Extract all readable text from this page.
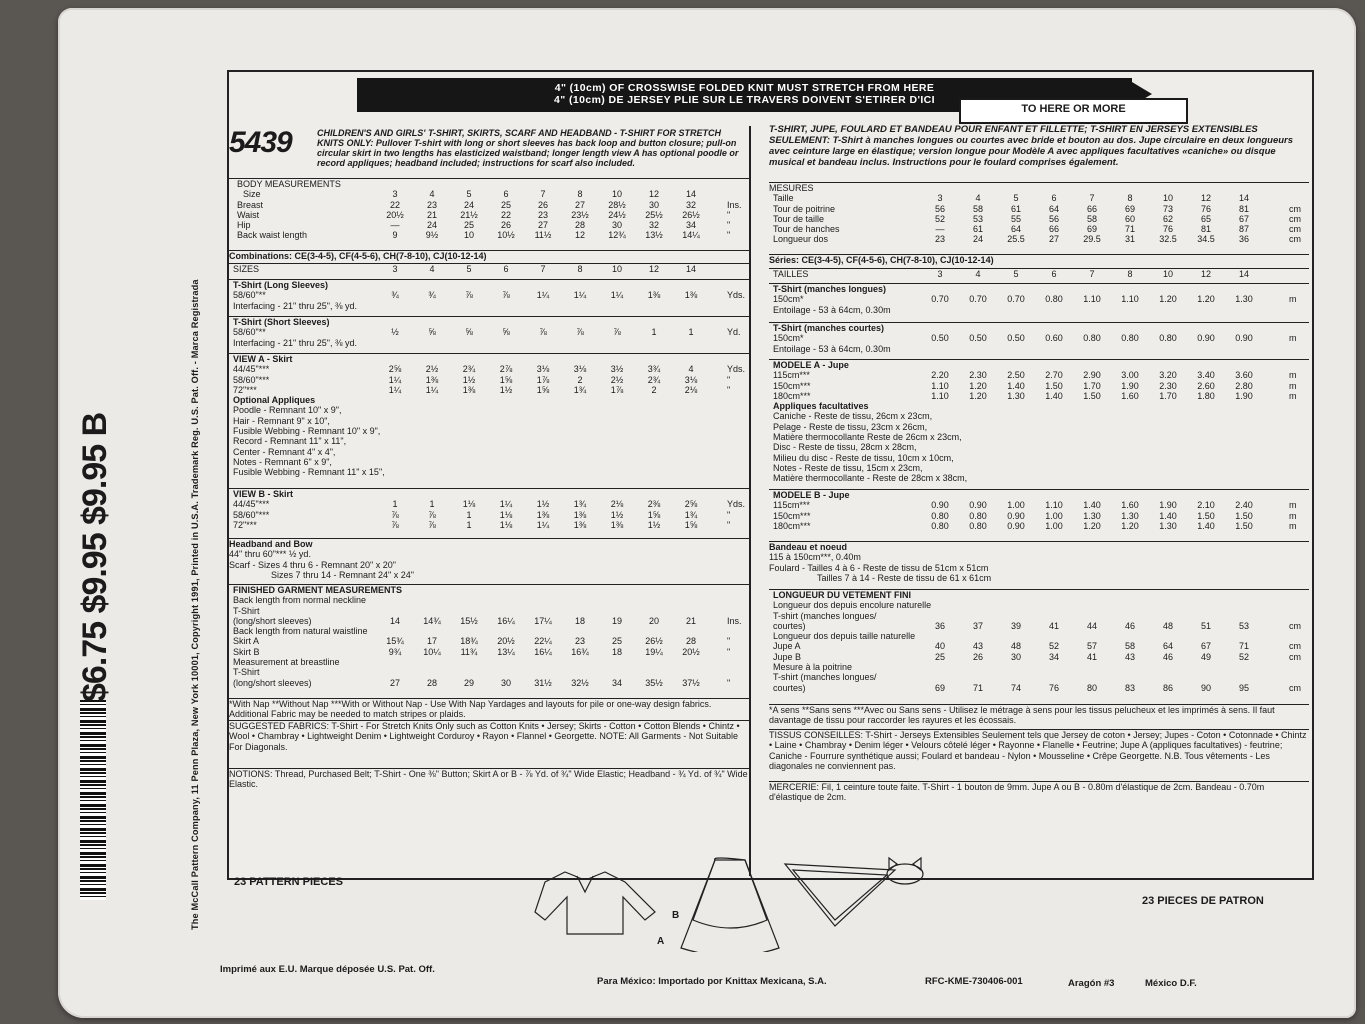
$6.75 $9.95 $9.95 B	The McCall Pattern Company, 11 Penn Plaza, New York 10001, Copyright 1991, Printed in U.S.A. Trademark Reg. U.S. Pat. Off. - Marca Registrada
4" (10cm) OF CROSSWISE FOLDED KNIT MUST STRETCH FROM HERE
4" (10cm) DE JERSEY PLIE SUR LE TRAVERS DOIVENT S'ETIRER D'ICI
TO HERE OR MORE
5439	CHILDREN'S AND GIRLS' T-SHIRT, SKIRTS, SCARF AND HEADBAND - T-SHIRT FOR STRETCH KNITS ONLY: Pullover T-shirt with long or short sleeves has back loop and button closure; pull-on circular skirt in two lengths has elasticized waistband; longer length view A has optional poodle or record appliques; headband included; instructions for scarf also included.
BODY MEASUREMENTS
Size	3	4	5	6	7	8	10	12	14
Breast	22	23	24	25	26	27	28½	30	32	Ins.
Waist	20½	21	21½	22	23	23½	24½	25½	26½	"
Hip	—	24	25	26	27	28	30	32	34	"
Back waist length	9	9½	10	10½	11½	12	12¾	13½	14¼	"
Combinations: CE(3-4-5), CF(4-5-6), CH(7-8-10), CJ(10-12-14)
SIZES	3	4	5	6	7	8	10	12	14
T-Shirt (Long Sleeves)
58/60"**	¾	¾	⅞	⅞	1¼	1¼	1¼	1⅜	1⅜	Yds.
Interfacing - 21" thru 25", ⅜ yd.
T-Shirt (Short Sleeves)
58/60"**	½	⅝	⅝	⅝	⅞	⅞	⅞	1	1	Yd.
Interfacing - 21" thru 25", ⅜ yd.
VIEW A - Skirt
44/45"***	2⅝	2½	2¾	2⅞	3⅛	3⅛	3½	3¾	4	Yds.
58/60"***	1¼	1⅜	1½	1⅝	1⅞	2	2½	2¾	3⅛	"
72"***	1¼	1¼	1⅜	1½	1⅝	1¾	1⅞	2	2⅛	"
Optional Appliques
Poodle - Remnant 10" x 9",
Hair - Remnant 9" x 10",
Fusible Webbing - Remnant 10" x 9",
Record - Remnant 11" x 11",
Center - Remnant 4" x 4",
Notes - Remnant 6" x 9",
Fusible Webbing - Remnant 11" x 15",
VIEW B - Skirt
44/45"***	1	1	1⅛	1¼	1½	1¾	2⅛	2⅜	2⅝	Yds.
58/60"***	⅞	⅞	1	1⅛	1⅜	1⅜	1½	1⅝	1¾	"
72"***	⅞	⅞	1	1⅛	1¼	1⅜	1⅜	1½	1⅝	"
Headband and Bow
44" thru 60"*** ½ yd.
Scarf - Sizes 4 thru 6 - Remnant 20" x 20"
Sizes 7 thru 14 - Remnant 24" x 24"
FINISHED GARMENT MEASUREMENTS
Back length from normal neckline
T-Shirt
(long/short sleeves)	14	14¾	15½	16¼	17¼	18	19	20	21	Ins.
Back length from natural waistline
Skirt A	15¾	17	18¾	20½	22¼	23	25	26½	28	"
Skirt B	9¾	10¼	11¾	13¼	16¼	16¾	18	19¼	20½	"
Measurement at breastline
T-Shirt
(long/short sleeves)	27	28	29	30	31½	32½	34	35½	37½	"
*With Nap **Without Nap ***With or Without Nap - Use With Nap Yardages and layouts for pile or one-way design fabrics. Additional Fabric may be needed to match stripes or plaids.
SUGGESTED FABRICS: T-Shirt - For Stretch Knits Only such as Cotton Knits • Jersey; Skirts - Cotton • Cotton Blends • Chintz • Wool • Chambray • Lightweight Denim • Lightweight Corduroy • Rayon • Flannel • Georgette. NOTE: All Garments - Not Suitable For Diagonals.
NOTIONS: Thread, Purchased Belt; T-Shirt - One ⅜" Button; Skirt A or B - ⅞ Yd. of ¾" Wide Elastic; Headband - ¾ Yd. of ¾" Wide Elastic.
T-SHIRT, JUPE, FOULARD ET BANDEAU POUR ENFANT ET FILLETTE; T-SHIRT EN JERSEYS EXTENSIBLES SEULEMENT: T-Shirt à manches longues ou courtes avec bride et bouton au dos. Jupe circulaire en deux longueurs avec ceinture large en élastique; version longue pour Modèle A avec appliques facultatives «caniche» ou disque musical et bandeau inclus. Instructions pour le foulard comprises également.
MESURES
Taille	3	4	5	6	7	8	10	12	14
Tour de poitrine	56	58	61	64	66	69	73	76	81	cm
Tour de taille	52	53	55	56	58	60	62	65	67	cm
Tour de hanches	—	61	64	66	69	71	76	81	87	cm
Longueur dos	23	24	25.5	27	29.5	31	32.5	34.5	36	cm
Séries: CE(3-4-5), CF(4-5-6), CH(7-8-10), CJ(10-12-14)
TAILLES	3	4	5	6	7	8	10	12	14
T-Shirt (manches longues)
150cm*	0.70	0.70	0.70	0.80	1.10	1.10	1.20	1.20	1.30	m
Entoilage - 53 à 64cm, 0.30m
T-Shirt (manches courtes)
150cm*	0.50	0.50	0.50	0.60	0.80	0.80	0.80	0.90	0.90	m
Entoilage - 53 à 64cm, 0.30m
MODELE A - Jupe
115cm***	2.20	2.30	2.50	2.70	2.90	3.00	3.20	3.40	3.60	m
150cm***	1.10	1.20	1.40	1.50	1.70	1.90	2.30	2.60	2.80	m
180cm***	1.10	1.20	1.30	1.40	1.50	1.60	1.70	1.80	1.90	m
Appliques facultatives
Caniche - Reste de tissu, 26cm x 23cm,
Pelage - Reste de tissu, 23cm x 26cm,
Matière thermocollante Reste de 26cm x 23cm,
Disc - Reste de tissu, 28cm x 28cm,
Milieu du disc - Reste de tissu, 10cm x 10cm,
Notes - Reste de tissu, 15cm x 23cm,
Matière thermocollante - Reste de 28cm x 38cm,
MODELE B - Jupe
115cm***	0.90	0.90	1.00	1.10	1.40	1.60	1.90	2.10	2.40	m
150cm***	0.80	0.80	0.90	1.00	1.30	1.30	1.40	1.50	1.50	m
180cm***	0.80	0.80	0.90	1.00	1.20	1.20	1.30	1.40	1.50	m
Bandeau et noeud
115 à 150cm***, 0.40m
Foulard - Tailles 4 à 6 - Reste de tissu de 51cm x 51cm
Tailles 7 à 14 - Reste de tissu de 61 x 61cm
LONGUEUR DU VETEMENT FINI
Longueur dos depuis encolure naturelle
T-shirt (manches longues/
courtes)	36	37	39	41	44	46	48	51	53	cm
Longueur dos depuis taille naturelle
Jupe A	40	43	48	52	57	58	64	67	71	cm
Jupe B	25	26	30	34	41	43	46	49	52	cm
Mesure à la poitrine
T-shirt (manches longues/
courtes)	69	71	74	76	80	83	86	90	95	cm
*A sens **Sans sens ***Avec ou Sans sens - Utilisez le métrage à sens pour les tissus pelucheux et les imprimés à sens. Il faut davantage de tissu pour raccorder les rayures et les écossais.
TISSUS CONSEILLES: T-Shirt - Jerseys Extensibles Seulement tels que Jersey de coton • Jersey; Jupes - Coton • Cotonnade • Chintz • Laine • Chambray • Denim léger • Velours côtelé léger • Rayonne • Flanelle • Feutrine; Jupe A (appliques facultatives) - feutrine; Caniche - Fourrure synthétique aussi; Foulard et bandeau - Nylon • Mousseline • Crêpe Georgette. N.B. Tous vêtements - Les diagonales ne conviennent pas.
MERCERIE: Fil, 1 ceinture toute faite. T-Shirt - 1 bouton de 9mm. Jupe A ou B - 0.80m d'élastique de 2cm. Bandeau - 0.70m d'élastique de 2cm.
23 PATTERN PIECES
23 PIECES DE PATRON
B
A
Imprimé aux E.U. Marque déposée U.S. Pat. Off.
Para México: Importado por Knittax Mexicana, S.A.	RFC-KME-730406-001	Aragón #3	México D.F.
